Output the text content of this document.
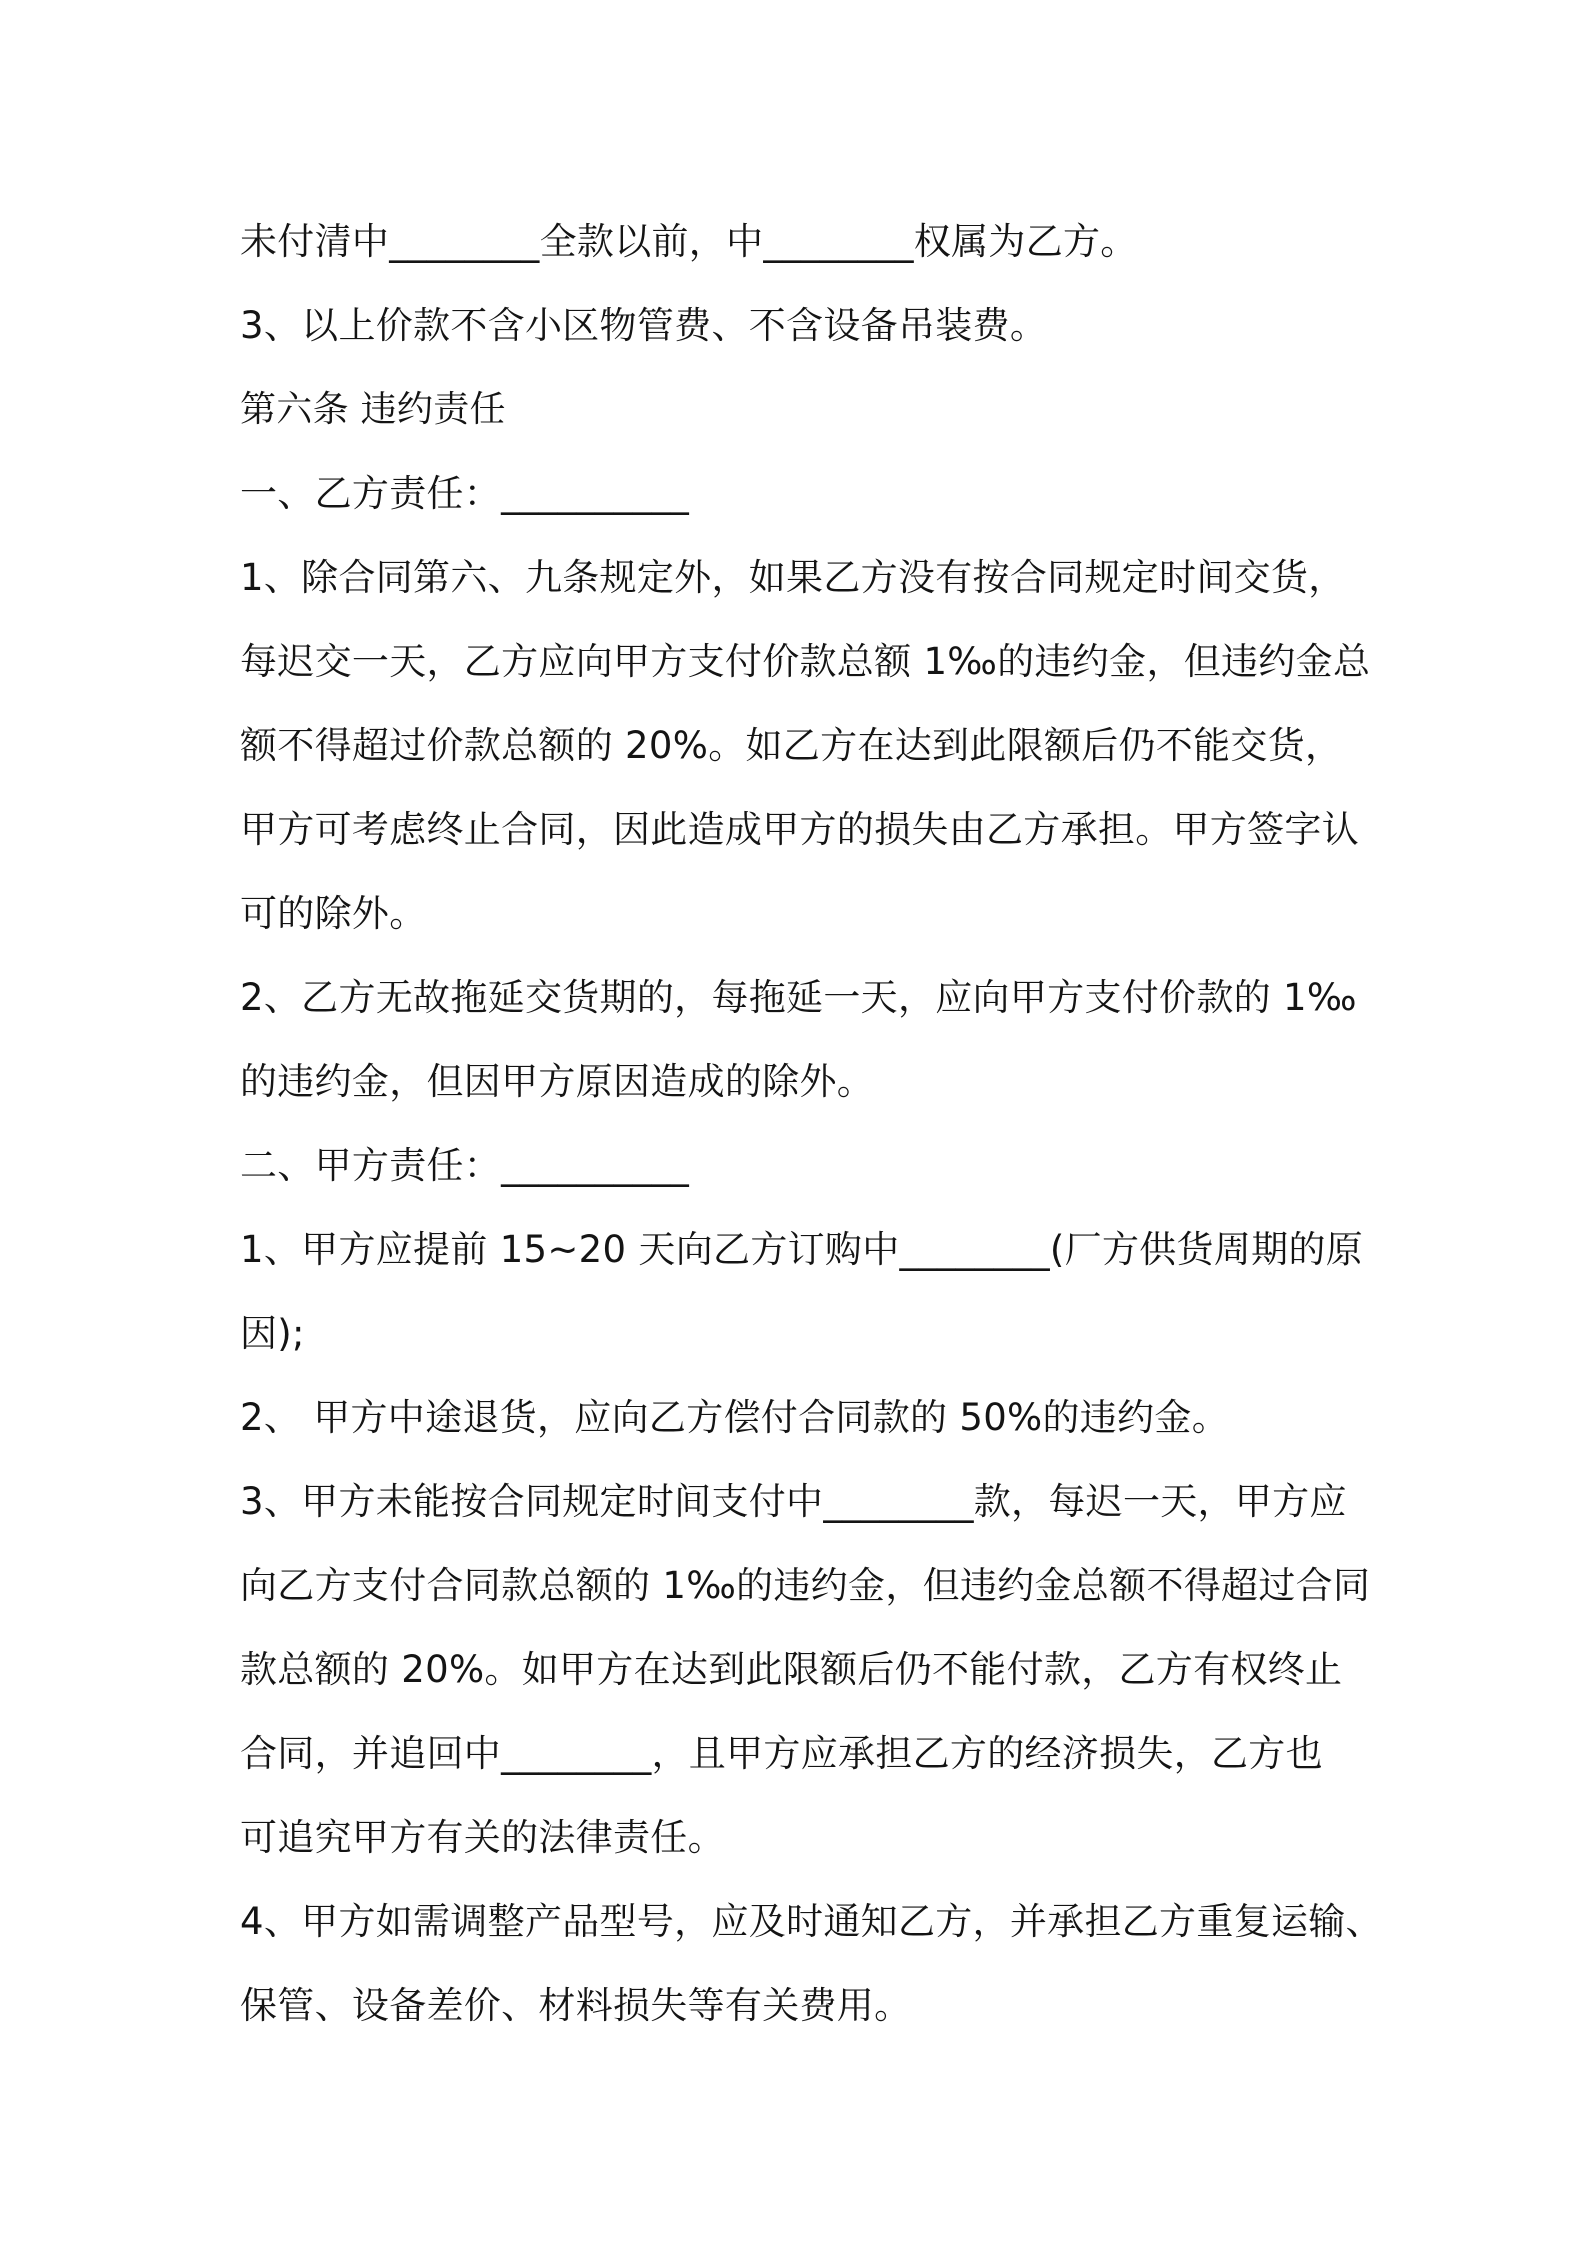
未付清中________全款以前，中________权属为乙方。
3、以上价款不含小区物管费、不含设备吊装费。
第六条 违约责任
一、乙方责任：__________
1、除合同第六、九条规定外，如果乙方没有按合同规定时间交货，
每迟交一天，乙方应向甲方支付价款总额 1‰的违约金，但违约金总
额不得超过价款总额的 20%。如乙方在达到此限额后仍不能交货，
甲方可考虑终止合同，因此造成甲方的损失由乙方承担。甲方签字认
可的除外。
2、乙方无故拖延交货期的，每拖延一天，应向甲方支付价款的 1‰
的违约金，但因甲方原因造成的除外。
二、甲方责任：__________
1、甲方应提前 15~20 天向乙方订购中________(厂方供货周期的原
因);
2、 甲方中途退货，应向乙方偿付合同款的 50%的违约金。
3、甲方未能按合同规定时间支付中________款，每迟一天，甲方应
向乙方支付合同款总额的 1‰的违约金，但违约金总额不得超过合同
款总额的 20%。如甲方在达到此限额后仍不能付款，乙方有权终止
合同，并追回中________，且甲方应承担乙方的经济损失，乙方也
可追究甲方有关的法律责任。
4、甲方如需调整产品型号，应及时通知乙方，并承担乙方重复运输、
保管、设备差价、材料损失等有关费用。
